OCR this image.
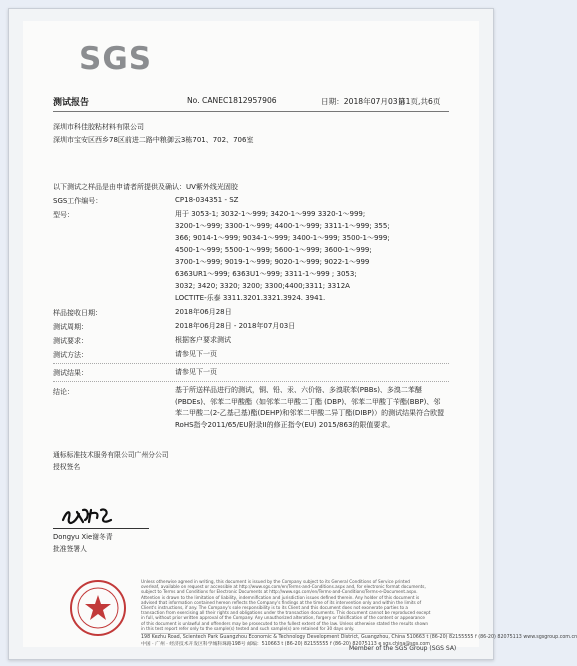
SGS
测试报告	No. CANEC1812957906	日期：2018年07月03日
第1页,共6页
深圳市科佳胶粘材料有限公司
深圳市宝安区西乡78区前进二路中粮御云3栋701、702、706室
以下测试之样品是由申请者所提供及确认：UV紫外线光固胶
SGS工作编号：	CP18-034351 - SZ
型号：	用于 3053-1; 3032-1～999; 3420-1～999 3320-1～999;
3200-1～999; 3300-1～999; 4400-1～999; 3311-1～999; 355;
366; 9014-1～999; 9034-1～999; 3400-1～999; 3500-1～999;
4500-1～999; 5500-1～999; 5600-1～999; 3600-1～999;
3700-1～999; 9019-1～999; 9020-1～999; 9022-1～999
6363UR1～999; 6363U1～999; 3311-1～999 ; 3053;
3032; 3420; 3320; 3200; 3300;4400;3311; 3312A
LOCTITE-乐泰 3311.3201.3321.3924. 3941.
样品接收日期：	2018年06月28日
测试周期：	2018年06月28日 - 2018年07月03日
测试要求：	根据客户要求测试
测试方法：	请参见下一页
测试结果：	请参见下一页
结论：	基于所送样品进行的测试，铜、铅、汞、六价铬、多溴联苯(PBBs)、多溴二苯醚(PBDEs)、邻苯二甲酸酯（如邻苯二甲酸二丁酯 (DBP)、邻苯二甲酸丁苄酯(BBP)、邻苯二甲酸二(2-乙基己基)酯(DEHP)和邻苯二甲酸二异丁酯(DIBP)）的测试结果符合欧盟RoHS指令2011/65/EU附录II的修正指令(EU) 2015/863的限值要求。
通标标准技术服务有限公司广州分公司
授权签名
Dongyu Xie谢冬青
批准签署人
Unless otherwise agreed in writing, this document is issued by the Company subject to its General Conditions of Service printed
overleaf, available on request or accessible at http://www.sgs.com/en/Terms-and-Conditions.aspx and, for electronic format documents,
subject to Terms and Conditions for Electronic Documents at http://www.sgs.com/en/Terms-and-Conditions/Terms-e-Document.aspx.
Attention is drawn to the limitation of liability, indemnification and jurisdiction issues defined therein. Any holder of this document is
advised that information contained hereon reflects the Company's findings at the time of its intervention only and within the limits of
Client's instructions, if any. The Company's sole responsibility is to its Client and this document does not exonerate parties to a
transaction from exercising all their rights and obligations under the transaction documents. This document cannot be reproduced except
in full, without prior written approval of the Company. Any unauthorized alteration, forgery or falsification of the content or appearance
of this document is unlawful and offenders may be prosecuted to the fullest extent of the law. Unless otherwise stated the results shown
in this test report refer only to the sample(s) tested and such sample(s) are retained for 30 days only.
198 Kezhu Road, Scientech Park Guangzhou Economic & Technology Development District, Guangzhou, China 510663 t (86-20) 82155555 f (86-20) 82075113 www.sgsgroup.com.cn
中国 · 广州 · 经济技术开发区科学城科珠路198号 邮编：510663 t (86-20) 82155555 f (86-20) 82075113 e sgs.china@sgs.com
Member of the SGS Group (SGS SA)
